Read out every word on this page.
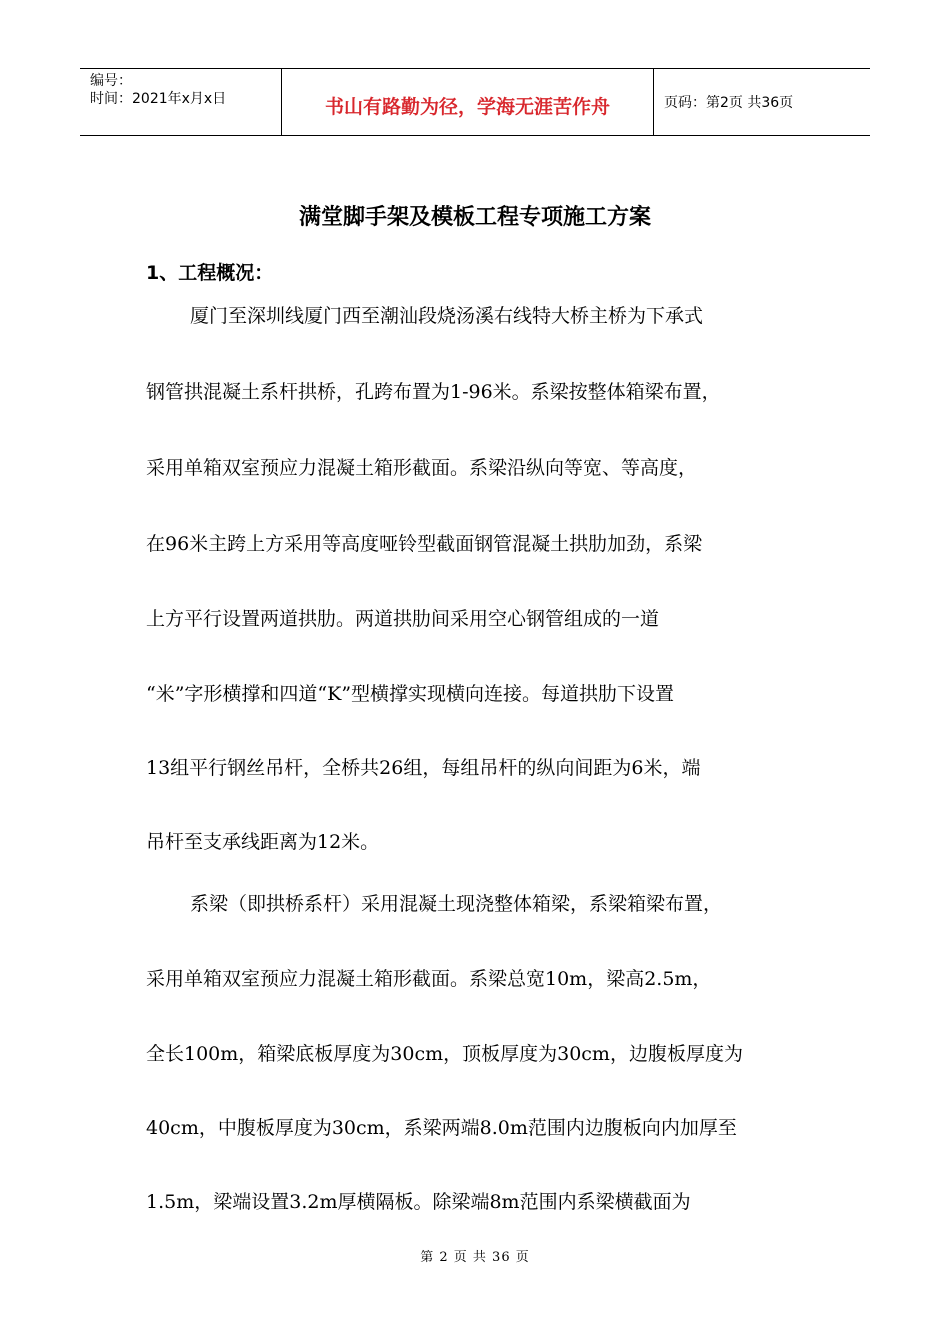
编号：
时间：2021年x月x日	书山有路勤为径，学海无涯苦作舟	页码：第2页 共36页
满堂脚手架及模板工程专项施工方案
1、工程概况：
厦门至深圳线厦门西至潮汕段烧汤溪右线特大桥主桥为下承式
钢管拱混凝土系杆拱桥，孔跨布置为1-96米。系梁按整体箱梁布置，
采用单箱双室预应力混凝土箱形截面。系梁沿纵向等宽、等高度，
在96米主跨上方采用等高度哑铃型截面钢管混凝土拱肋加劲，系梁
上方平行设置两道拱肋。两道拱肋间采用空心钢管组成的一道
“米”字形横撑和四道“K”型横撑实现横向连接。每道拱肋下设置
13组平行钢丝吊杆，全桥共26组，每组吊杆的纵向间距为6米，端
吊杆至支承线距离为12米。
系梁（即拱桥系杆）采用混凝土现浇整体箱梁，系梁箱梁布置，
采用单箱双室预应力混凝土箱形截面。系梁总宽10m，梁高2.5m，
全长100m，箱梁底板厚度为30cm，顶板厚度为30cm，边腹板厚度为
40cm，中腹板厚度为30cm，系梁两端8.0m范围内边腹板向内加厚至
1.5m，梁端设置3.2m厚横隔板。除梁端8m范围内系梁横截面为
第 2 页 共 36 页
